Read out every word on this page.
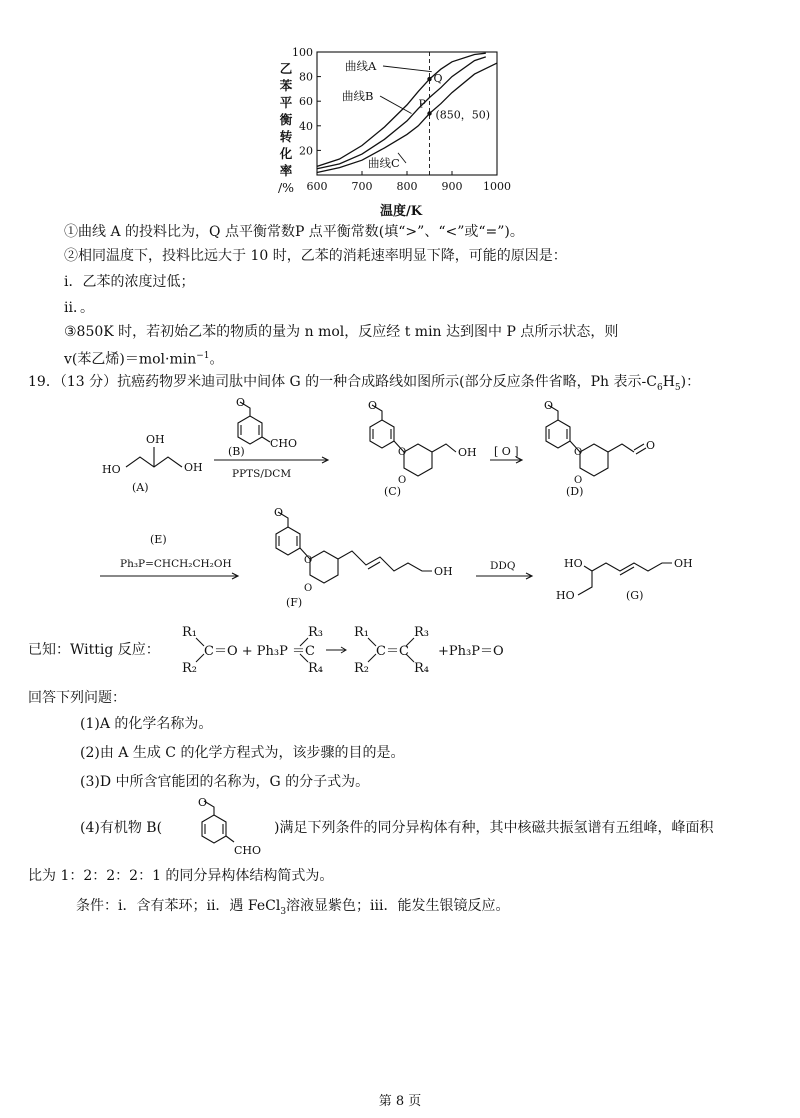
乙
苯
平
衡
转
化
率
/%
20
40
60
80
100
600 700 800 900 1000
曲线A
曲线B
曲线C
Q
P
(850，50)
温度/K
①曲线 A 的投料比为，Q 点平衡常数P 点平衡常数(填“>”、“<”或“=”)。
②相同温度下，投料比远大于 10 时，乙苯的消耗速率明显下降，可能的原因是：
i．乙苯的浓度过低；
ii．。
③850K 时，若初始乙苯的物质的量为 n mol，反应经 t min 达到图中 P 点所示状态，则
v(苯乙烯)$=mol\cdot\min^{-1}$。
19．（13 分）抗癌药物罗米迪司肽中间体 G 的一种合成路线如图所示(部分反应条件省略，Ph 表示$-C_6H_5$)：
HO	OH
OH
(A)
O
CHO
(B)
PPTS/DCM
O
OH
O
O
(C)
[ O ]
O
O
O
O
(D)
(E)
Ph₃P=CHCH₂CH₂OH
O
OH
O
O
(F)
DDQ	HO	OH
HO	(G)
已知：Wittig 反应：
R₁
R₂
C＝O + Ph₃P ＝C
R₃
R₄
R₁
R₂
C＝C
R₃
R₄
+Ph₃P＝O
回答下列问题：
(1)A 的化学名称为。
(2)由 A 生成 C 的化学方程式为，该步骤的目的是。
(3)D 中所含官能团的名称为，G 的分子式为。
(4)有机物 B(
O
CHO
)满足下列条件的同分异构体有种，其中核磁共振氢谱有五组峰，峰面积
比为 1：2：2：2：1 的同分异构体结构简式为。
条件：i．含有苯环；ii．遇 FeCl$_3$溶液显紫色；iii．能发生银镜反应。
第 8 页
